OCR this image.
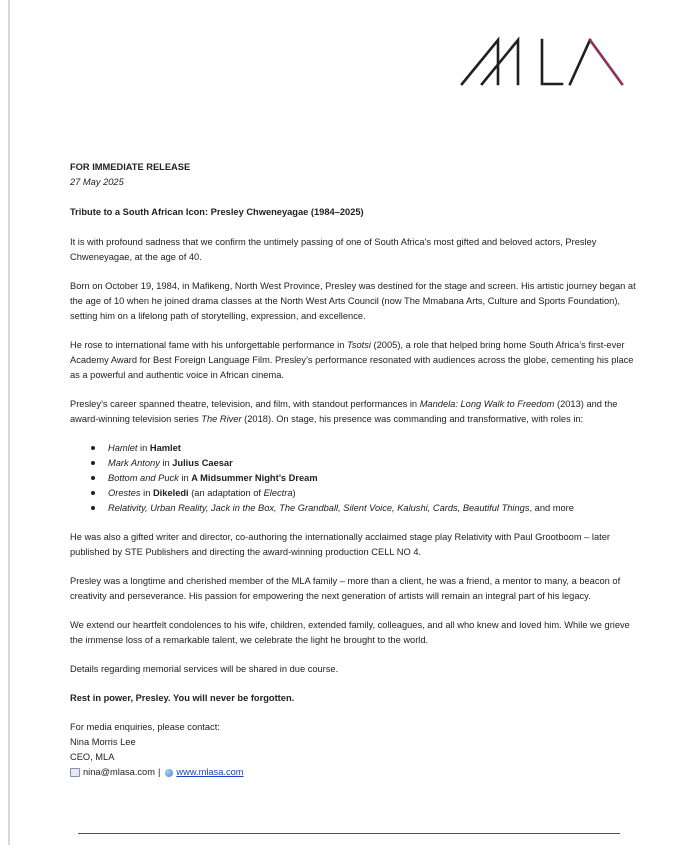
FOR IMMEDIATE RELEASE

27 May 2025

Tribute to a South African Icon: Presley Chweneyagae (1984–2025)

It is with profound sadness that we confirm the untimely passing of one of South Africa’s most gifted and beloved actors, Presley Chweneyagae, at the age of 40.

Born on October 19, 1984, in Mafikeng, North West Province, Presley was destined for the stage and screen. His artistic journey began at the age of 10 when he joined drama classes at the North West Arts Council (now The Mmabana Arts, Culture and Sports Foundation), setting him on a lifelong path of storytelling, expression, and excellence.

He rose to international fame with his unforgettable performance in Tsotsi (2005), a role that helped bring home South Africa’s first-ever Academy Award for Best Foreign Language Film. Presley’s performance resonated with audiences across the globe, cementing his place as a powerful and authentic voice in African cinema.

Presley’s career spanned theatre, television, and film, with standout performances in Mandela: Long Walk to Freedom (2013) and the award-winning television series The River (2018). On stage, his presence was commanding and transformative, with roles in:

Hamlet in Hamlet
Mark Antony in Julius Caesar
Bottom and Puck in A Midsummer Night’s Dream
Orestes in Dikeledi (an adaptation of Electra)
Relativity, Urban Reality, Jack in the Box, The Grandball, Silent Voice, Kalushi, Cards, Beautiful Things, and more

He was also a gifted writer and director, co-authoring the internationally acclaimed stage play Relativity with Paul Grootboom – later published by STE Publishers and directing the award-winning production CELL NO 4.

Presley was a longtime and cherished member of the MLA family – more than a client, he was a friend, a mentor to many, a beacon of creativity and perseverance. His passion for empowering the next generation of artists will remain an integral part of his legacy.

We extend our heartfelt condolences to his wife, children, extended family, colleagues, and all who knew and loved him. While we grieve the immense loss of a remarkable talent, we celebrate the light he brought to the world.

Details regarding memorial services will be shared in due course.

Rest in power, Presley. You will never be forgotten.

For media enquiries, please contact:

Nina Morris Lee

CEO, MLA

nina@mlasa.com | www.mlasa.com
